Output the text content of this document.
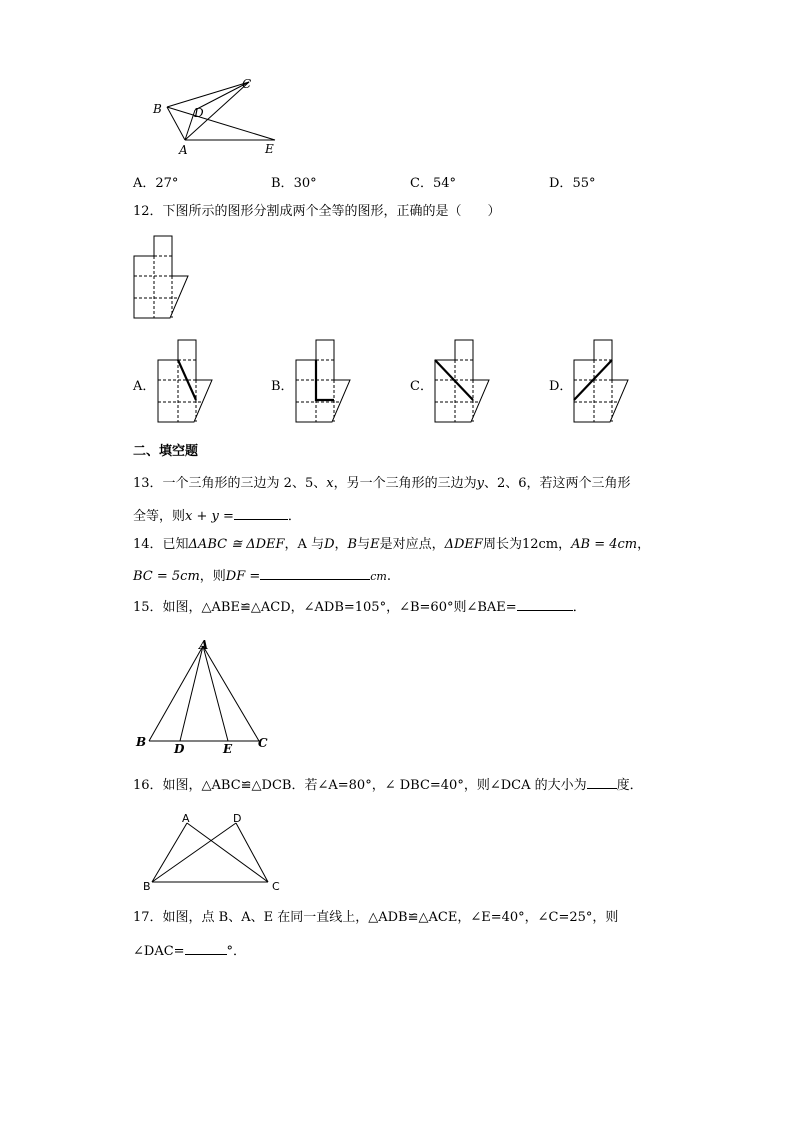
B
C
D
A	E
A．27°	B．30°	C．54°	D．55°
12．下图所示的图形分割成两个全等的图形，正确的是（　　）
A．	B．	C．	D．
二、填空题
13．一个三角形的三边为 2、5、x，另一个三角形的三边为y、2、6，若这两个三角形
全等，则x + y =	．
14．已知ΔABC ≅ ΔDEF，A 与D，B与E是对应点，ΔDEF周长为12cm，AB = 4cm，
BC = 5cm，则DF =	cm.
15．如图，△ABE≌△ACD，∠ADB=105°，∠B=60°则∠BAE=	．
A
B D	E C
16．如图，△ABC≌△DCB．若∠A=80°，∠ DBC=40°，则∠DCA 的大小为 度．
A	D
B	C
17．如图，点 B、A、E 在同一直线上，△ADB≌△ACE，∠E=40°，∠C=25°，则
∠DAC=	°．
